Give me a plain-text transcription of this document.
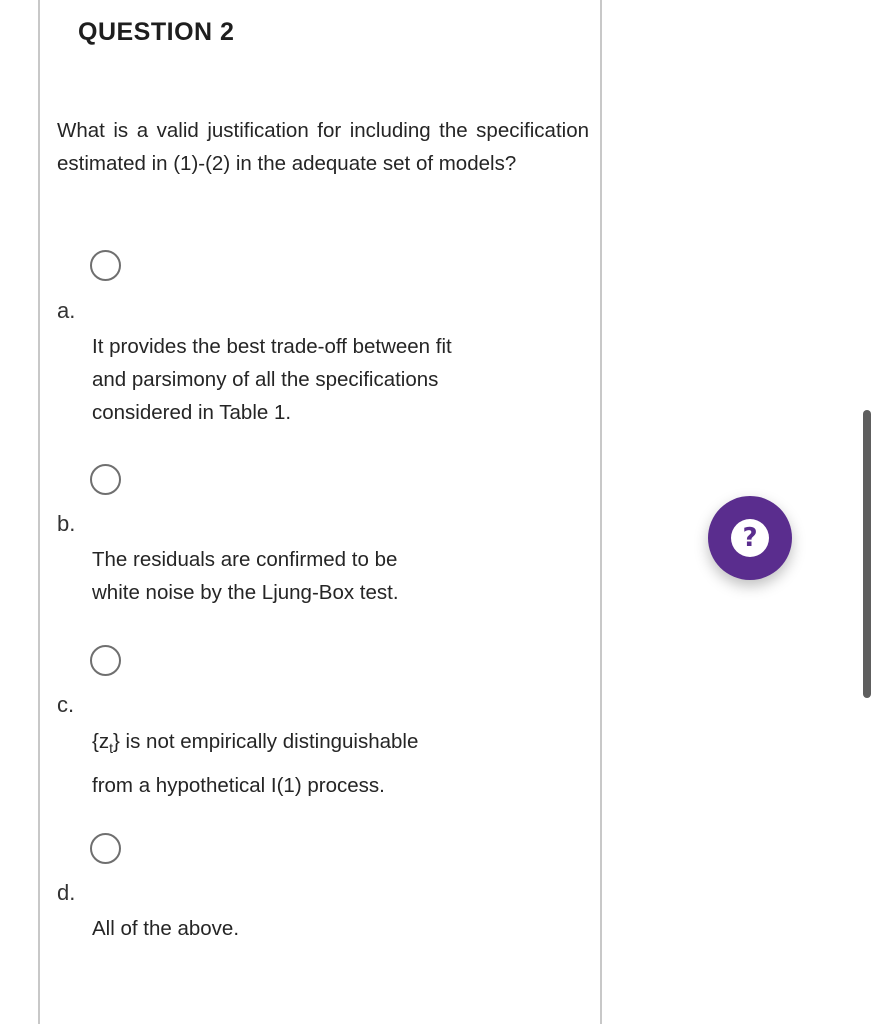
QUESTION 2
What is a valid justification for including the specification estimated in (1)-(2) in the adequate set of models?
a.
It provides the best trade-off between fit and parsimony of all the specifications considered in Table 1.
b.
The residuals are confirmed to be white noise by the Ljung-Box test.
c.
$\{z_t\}$ is not empirically distinguishable from a hypothetical I(1) process.
d.
All of the above.
?
